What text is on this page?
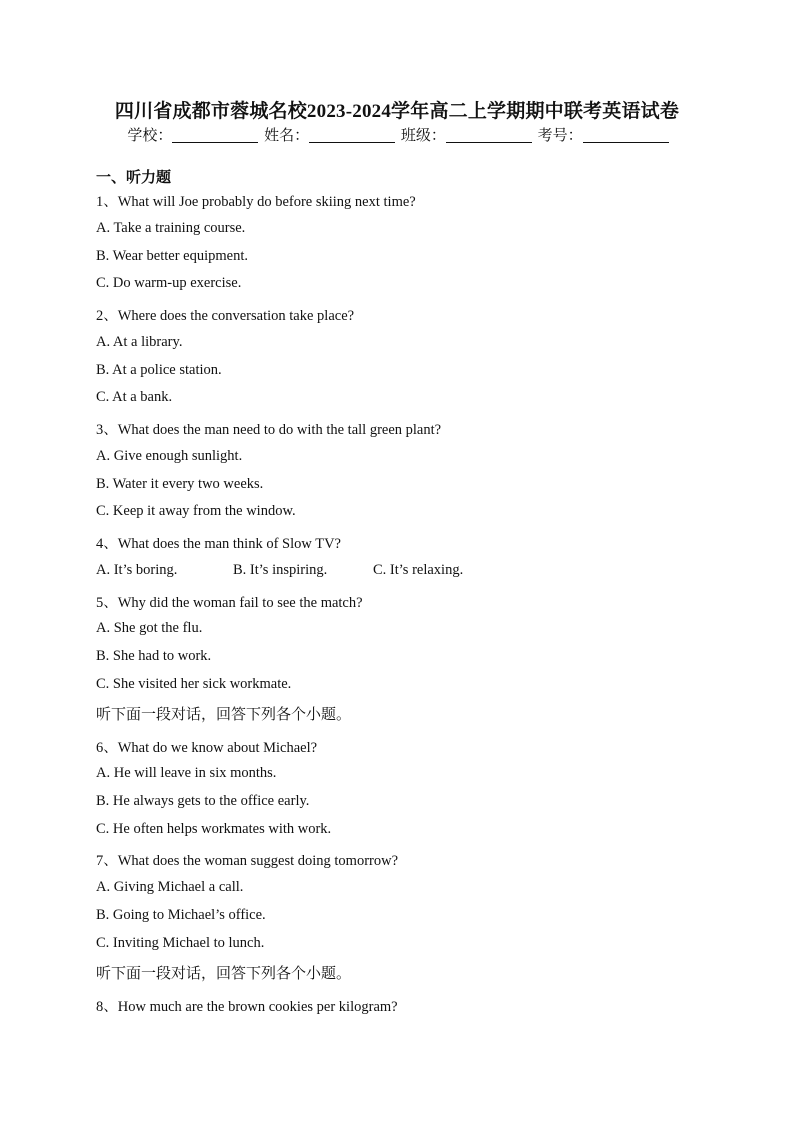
四川省成都市蓉城名校2023-2024学年高二上学期期中联考英语试卷
学校：	姓名：	班级：	考号：
一、听力题
1、What will Joe probably do before skiing next time?
A. Take a training course.
B. Wear better equipment.
C. Do warm-up exercise.
2、Where does the conversation take place?
A. At a library.
B. At a police station.
C. At a bank.
3、What does the man need to do with the tall green plant?
A. Give enough sunlight.
B. Water it every two weeks.
C. Keep it away from the window.
4、What does the man think of Slow TV?
A. It’s boring.	B. It’s inspiring.	C. It’s relaxing.
5、Why did the woman fail to see the match?
A. She got the flu.
B. She had to work.
C. She visited her sick workmate.
听下面一段对话，回答下列各个小题。
6、What do we know about Michael?
A. He will leave in six months.
B. He always gets to the office early.
C. He often helps workmates with work.
7、What does the woman suggest doing tomorrow?
A. Giving Michael a call.
B. Going to Michael’s office.
C. Inviting Michael to lunch.
听下面一段对话，回答下列各个小题。
8、How much are the brown cookies per kilogram?
